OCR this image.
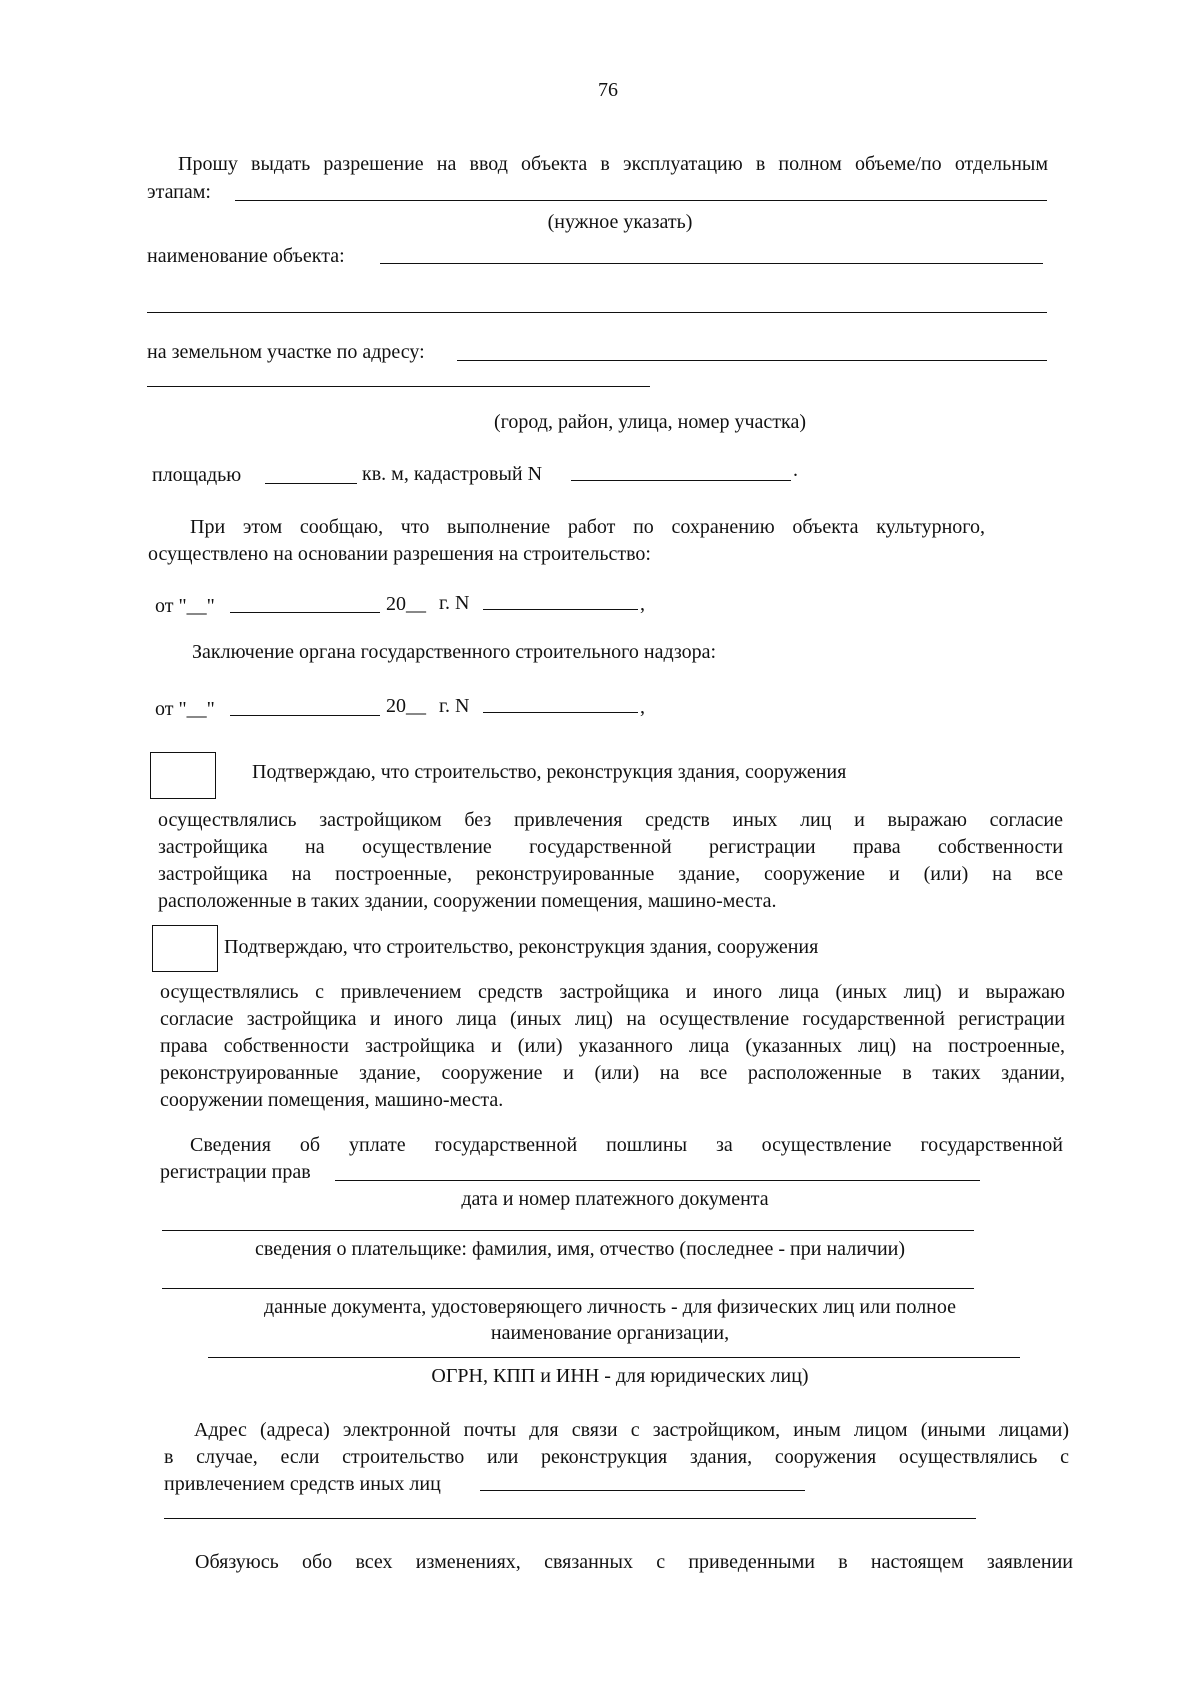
76
Прошу выдать разрешение на ввод объекта в эксплуатацию в полном объеме/по отдельным
этапам:
(нужное указать)
наименование объекта:
на земельном участке по адресу:
(город, район, улица, номер участка)
площадью	кв. м, кадастровый N	.
При этом сообщаю, что выполнение работ по сохранению объекта культурного,
осуществлено на основании разрешения на строительство:
от "__"	20__ г. N	,
Заключение органа государственного строительного надзора:
от "__"	20__ г. N	,
Подтверждаю, что строительство, реконструкция здания, сооружения
осуществлялись застройщиком без привлечения средств иных лиц и выражаю согласие
застройщика на осуществление государственной регистрации права собственности
застройщика на построенные, реконструированные здание, сооружение и (или) на все
расположенные в таких здании, сооружении помещения, машино-места.
Подтверждаю, что строительство, реконструкция здания, сооружения
осуществлялись с привлечением средств застройщика и иного лица (иных лиц) и выражаю
согласие застройщика и иного лица (иных лиц) на осуществление государственной регистрации
права собственности застройщика и (или) указанного лица (указанных лиц) на построенные,
реконструированные здание, сооружение и (или) на все расположенные в таких здании,
сооружении помещения, машино-места.
Сведения об уплате государственной пошлины за осуществление государственной
регистрации прав
дата и номер платежного документа
сведения о плательщике: фамилия, имя, отчество (последнее - при наличии)
данные документа, удостоверяющего личность - для физических лиц или полное
наименование организации,
ОГРН, КПП и ИНН - для юридических лиц)
Адрес (адреса) электронной почты для связи с застройщиком, иным лицом (иными лицами)
в случае, если строительство или реконструкция здания, сооружения осуществлялись с
привлечением средств иных лиц
Обязуюсь обо всех изменениях, связанных с приведенными в настоящем заявлении
